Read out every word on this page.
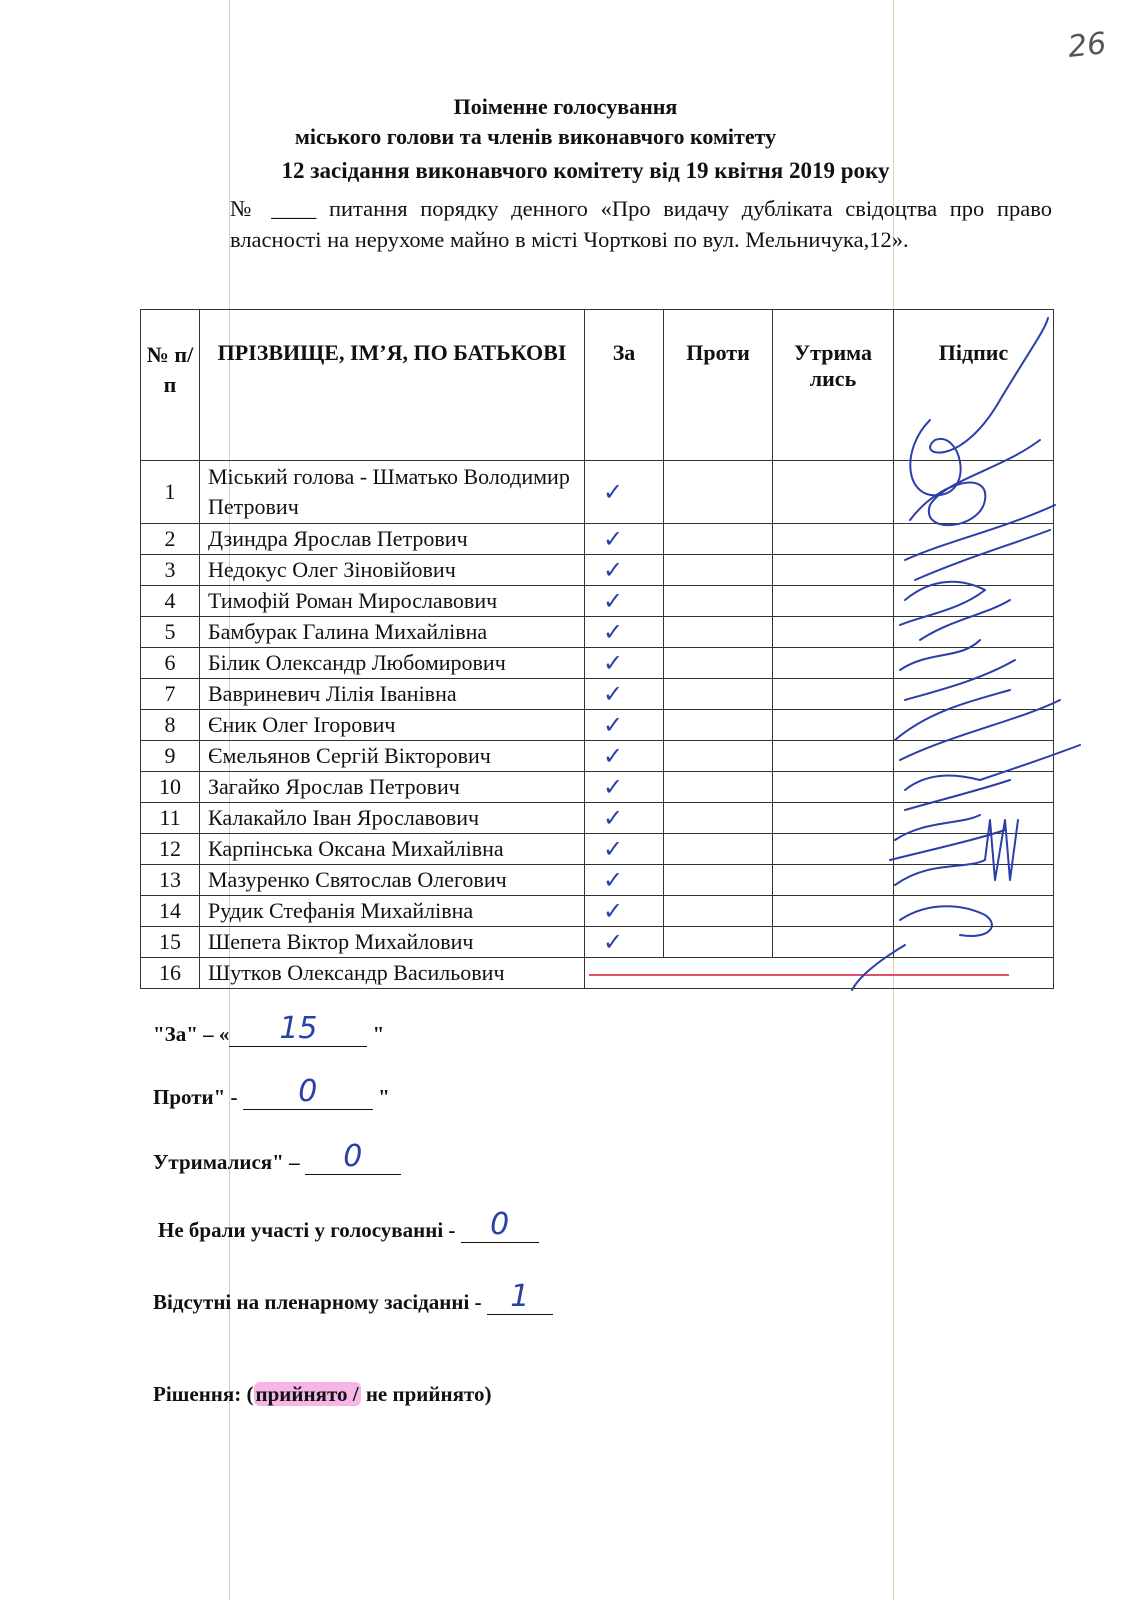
26
Поіменне голосування
міського голови та членів виконавчого комітету
12 засідання виконавчого комітету від 19 квітня 2019 року
№ ____ питання порядку денного «Про видачу дубліката свідоцтва про право власності на нерухоме майно в місті Чорткові по вул. Мельничука,12».
№ п/ п	ПРІЗВИЩЕ, ІМ’Я, ПО БАТЬКОВІ	За	Проти	Утрима лись	Підпис
1	Міський голова - Шматько Володимир Петрович	✓			
2	Дзиндра Ярослав Петрович	✓			
3	Недокус Олег Зіновійович	✓			
4	Тимофій Роман Мирославович	✓			
5	Бамбурак Галина Михайлівна	✓			
6	Білик Олександр Любомирович	✓			
7	Вавриневич Лілія Іванівна	✓			
8	Єник Олег Ігорович	✓			
9	Ємельянов Сергій Вікторович	✓			
10	Загайко Ярослав Петрович	✓			
11	Калакайло Іван Ярославович	✓			
12	Карпінська Оксана Михайлівна	✓			
13	Мазуренко Святослав Олегович	✓			
14	Рудик Стефанія Михайлівна	✓			
15	Шепета Віктор Михайлович	✓			
16	Шутков Олександр Васильович				
"За" – «	15	"
Проти" -	0	"
Утрималися" –	0
Не брали участі у голосуванні - 0
Відсутні на пленарному засіданні - 1
Рішення: (прийнято / не прийнято)
